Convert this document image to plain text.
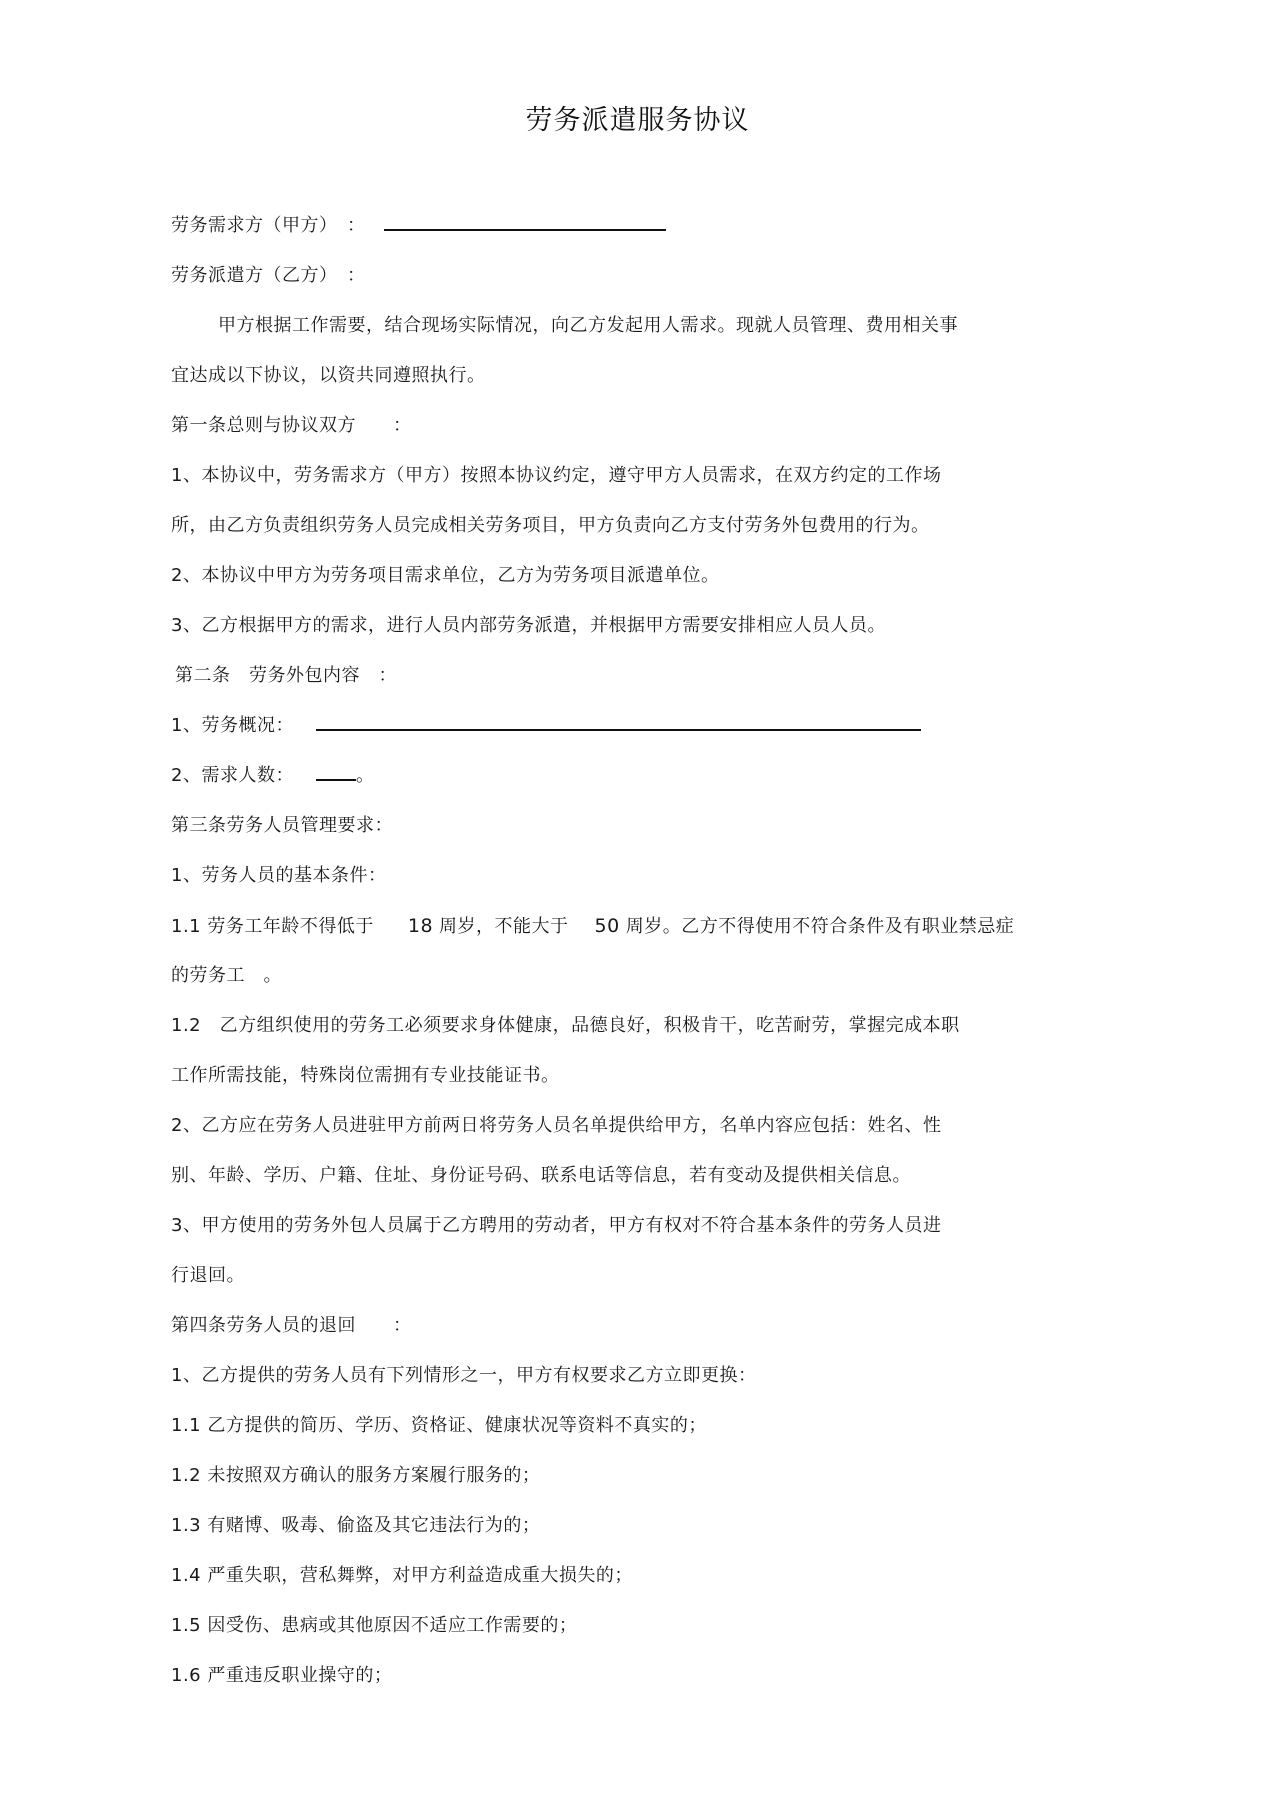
劳务派遣服务协议
劳务需求方（甲方）　：
劳务派遣方（乙方）　：
甲方根据工作需要，结合现场实际情况，向乙方发起用人需求。现就人员管理、费用相关事
宜达成以下协议，以资共同遵照执行。
第一条总则与协议双方　　：
1、本协议中，劳务需求方（甲方）按照本协议约定，遵守甲方人员需求，在双方约定的工作场
所，由乙方负责组织劳务人员完成相关劳务项目，甲方负责向乙方支付劳务外包费用的行为。
2、本协议中甲方为劳务项目需求单位，乙方为劳务项目派遣单位。
3、乙方根据甲方的需求，进行人员内部劳务派遣，并根据甲方需要安排相应人员人员。
第二条　劳务外包内容　：
1、劳务概况：
2、需求人数：	。
第三条劳务人员管理要求：
1、劳务人员的基本条件：
1.1 劳务工年龄不得低于 18 周岁，不能大于 50 周岁。乙方不得使用不符合条件及有职业禁忌症
的劳务工　。
1.2　乙方组织使用的劳务工必须要求身体健康，品德良好，积极肯干，吃苦耐劳，掌握完成本职
工作所需技能，特殊岗位需拥有专业技能证书。
2、乙方应在劳务人员进驻甲方前两日将劳务人员名单提供给甲方，名单内容应包括：姓名、性
别、年龄、学历、户籍、住址、身份证号码、联系电话等信息，若有变动及提供相关信息。
3、甲方使用的劳务外包人员属于乙方聘用的劳动者，甲方有权对不符合基本条件的劳务人员进
行退回。
第四条劳务人员的退回　　：
1、乙方提供的劳务人员有下列情形之一，甲方有权要求乙方立即更换：
1.1 乙方提供的简历、学历、资格证、健康状况等资料不真实的；
1.2 未按照双方确认的服务方案履行服务的；
1.3 有赌博、吸毒、偷盗及其它违法行为的；
1.4 严重失职，营私舞弊，对甲方利益造成重大损失的；
1.5 因受伤、患病或其他原因不适应工作需要的；
1.6 严重违反职业操守的；
